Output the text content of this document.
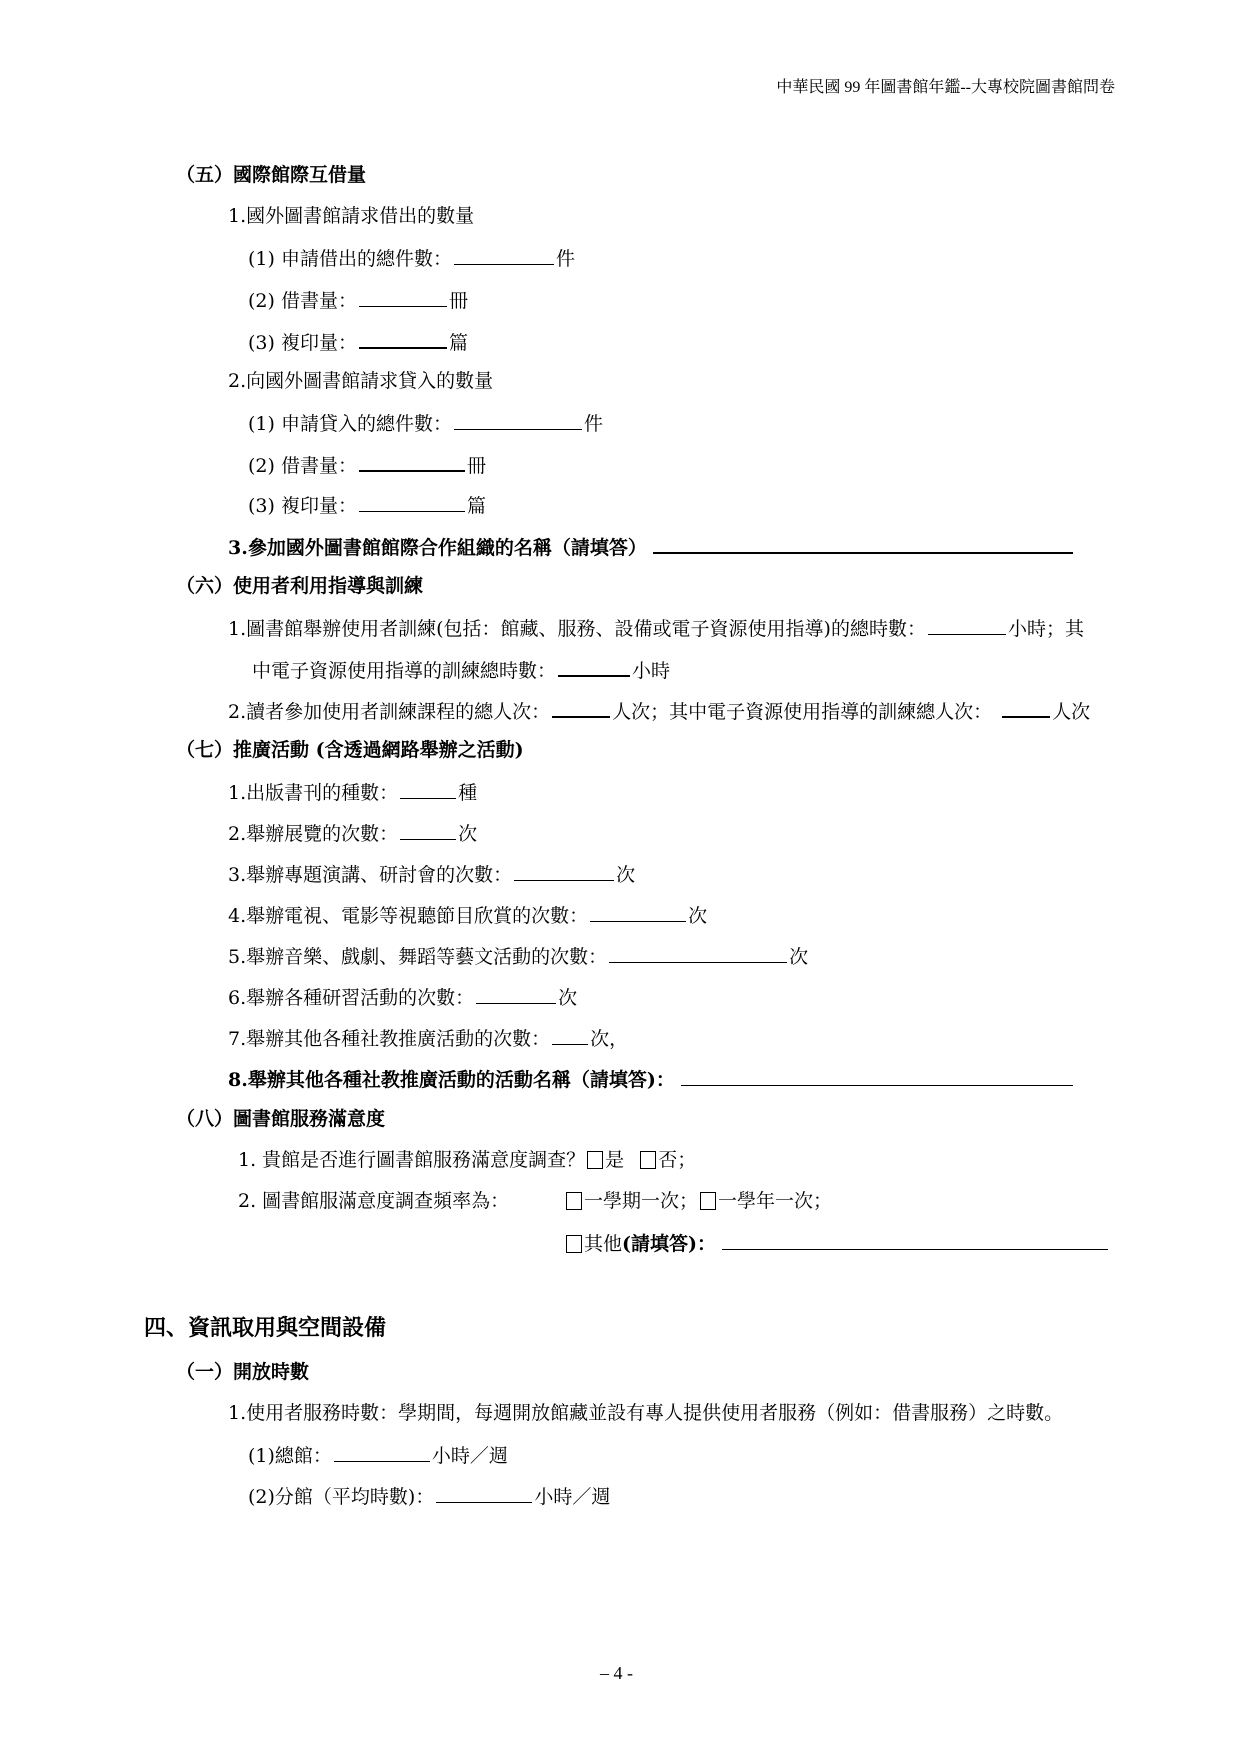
中華民國 99 年圖書館年鑑--大專校院圖書館問卷
（五）國際館際互借量
1.國外圖書館請求借出的數量
(1) 申請借出的總件數：	件
(2) 借書量：	冊
(3) 複印量：	篇
2.向國外圖書館請求貸入的數量
(1) 申請貸入的總件數：	件
(2) 借書量：	冊
(3) 複印量：	篇
3.參加國外圖書館館際合作組織的名稱（請填答）
（六）使用者利用指導與訓練
1.圖書館舉辦使用者訓練(包括：館藏、服務、設備或電子資源使用指導)的總時數：	小時；其
中電子資源使用指導的訓練總時數：	小時
2.讀者參加使用者訓練課程的總人次：	人次；其中電子資源使用指導的訓練總人次：	人次
（七）推廣活動 (含透過網路舉辦之活動)
1.出版書刊的種數：	種
2.舉辦展覽的次數：	次
3.舉辦專題演講、研討會的次數：	次
4.舉辦電視、電影等視聽節目欣賞的次數：	次
5.舉辦音樂、戲劇、舞蹈等藝文活動的次數：	次
6.舉辦各種研習活動的次數：	次
7.舉辦其他各種社教推廣活動的次數： 次，
8.舉辦其他各種社教推廣活動的活動名稱（請填答)：
（八）圖書館服務滿意度
1. 貴館是否進行圖書館服務滿意度調查？ 是 否；
2. 圖書館服滿意度調查頻率為：	一學期一次； 一學年一次；
其他(請填答)：
四、資訊取用與空間設備
（一）開放時數
1.使用者服務時數：學期間，每週開放館藏並設有專人提供使用者服務（例如：借書服務）之時數。
(1)總館：	小時／週
(2)分館（平均時數)：	小時／週
– 4 -
